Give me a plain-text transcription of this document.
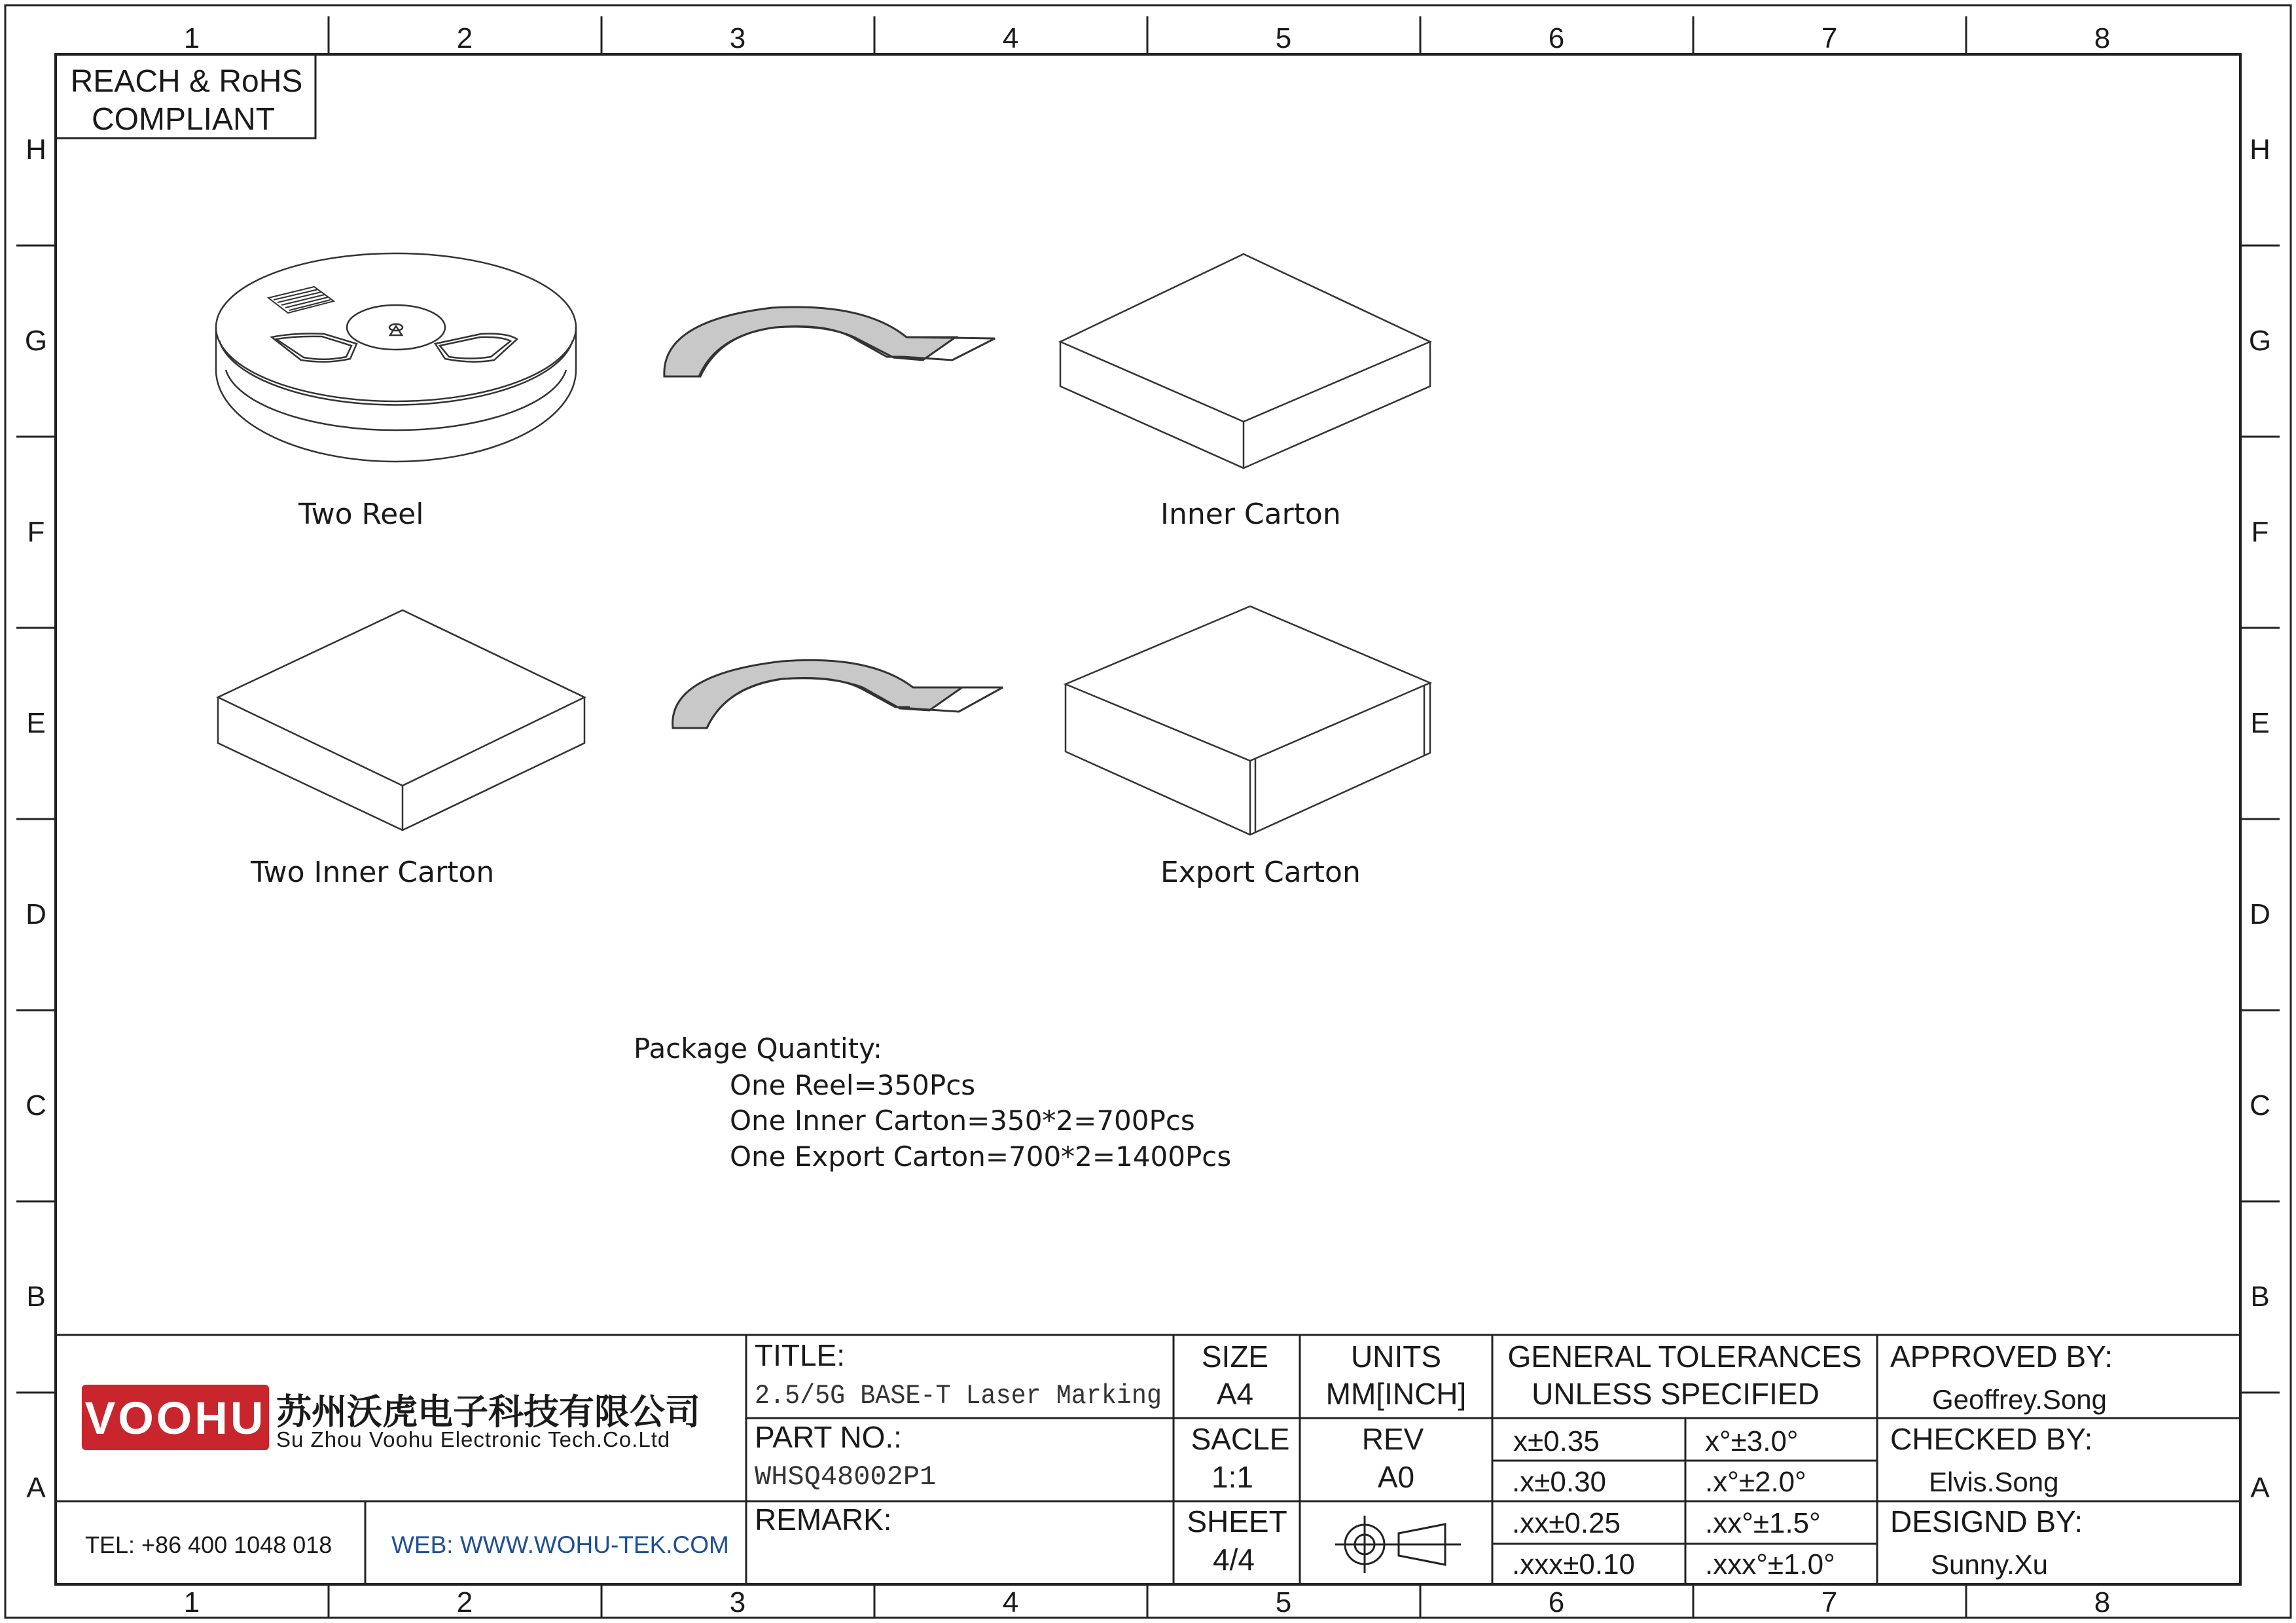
1	2	3	4	5	6	7	8
1	2	3	4	5	6	7	8
H
G
F
E
D
C
B
A
H
G
F
E
D
C
B
A
REACH & RoHS
COMPLIANT
Two Reel	Inner Carton
Two Inner Carton	Export Carton
Package Quantity:
One Reel=350Pcs
One Inner Carton=350*2=700Pcs
One Export Carton=700*2=1400Pcs
VOOHU 苏州沃虎电子科技有限公司
Su Zhou Voohu Electronic Tech.Co.Ltd
TEL: +86 400 1048 018 WEB: WWW.WOHU-TEK.COM
TITLE:
2.5/5G BASE-T Laser Marking
PART NO.:
WHSQ48002P1
REMARK:
SIZE
A4
SACLE
1:1
SHEET
4/4
UNITS
MM[INCH]
REV
A0
GENERAL TOLERANCES
UNLESS SPECIFIED
x±0.35	x°±3.0°
.x±0.30	.x°±2.0°
.xx±0.25	.xx°±1.5°
.xxx±0.10 .xxx°±1.0°
APPROVED BY:
Geoffrey.Song
CHECKED BY:
Elvis.Song
DESIGND BY:
Sunny.Xu
